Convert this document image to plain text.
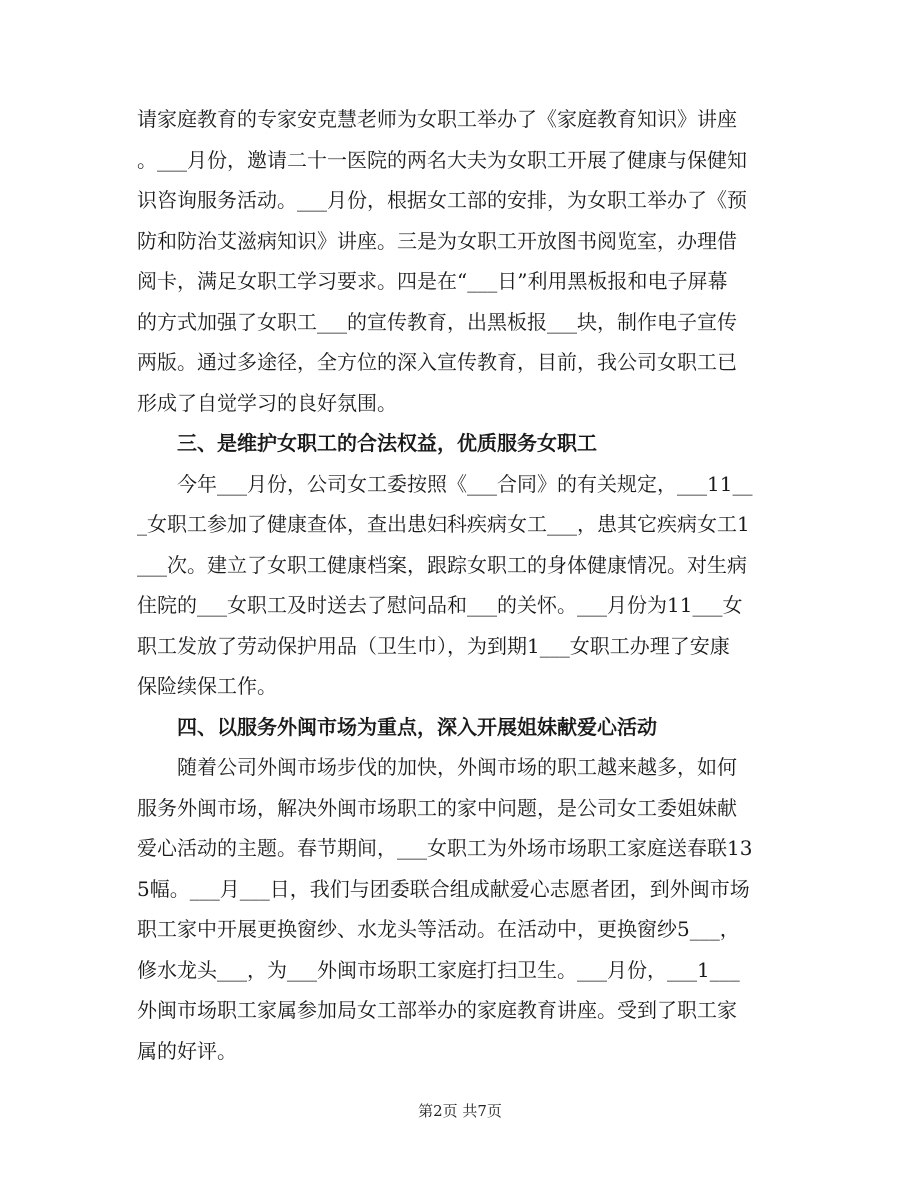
请家庭教育的专家安克慧老师为女职工举办了《家庭教育知识》讲座
。___月份，邀请二十一医院的两名大夫为女职工开展了健康与保健知
识咨询服务活动。___月份，根据女工部的安排，为女职工举办了《预
防和防治艾滋病知识》讲座。三是为女职工开放图书阅览室，办理借
阅卡，满足女职工学习要求。四是在“___日”利用黑板报和电子屏幕
的方式加强了女职工___的宣传教育，出黑板报___块，制作电子宣传
两版。通过多途径，全方位的深入宣传教育，目前，我公司女职工已
形成了自觉学习的良好氛围。
三、是维护女职工的合法权益，优质服务女职工
今年___月份，公司女工委按照《___合同》的有关规定，___11__
_女职工参加了健康查体，查出患妇科疾病女工___，患其它疾病女工1
___次。建立了女职工健康档案，跟踪女职工的身体健康情况。对生病
住院的___女职工及时送去了慰问品和___的关怀。___月份为11___女
职工发放了劳动保护用品（卫生巾），为到期1___女职工办理了安康
保险续保工作。
四、以服务外闽市场为重点，深入开展姐妹献爱心活动
随着公司外闽市场步伐的加快，外闽市场的职工越来越多，如何
服务外闽市场，解决外闽市场职工的家中问题，是公司女工委姐妹献
爱心活动的主题。春节期间，___女职工为外场市场职工家庭送春联13
5幅。___月___日，我们与团委联合组成献爱心志愿者团，到外闽市场
职工家中开展更换窗纱、水龙头等活动。在活动中，更换窗纱5___，
修水龙头___，为___外闽市场职工家庭打扫卫生。___月份，___1___
外闽市场职工家属参加局女工部举办的家庭教育讲座。受到了职工家
属的好评。
第2页 共7页
